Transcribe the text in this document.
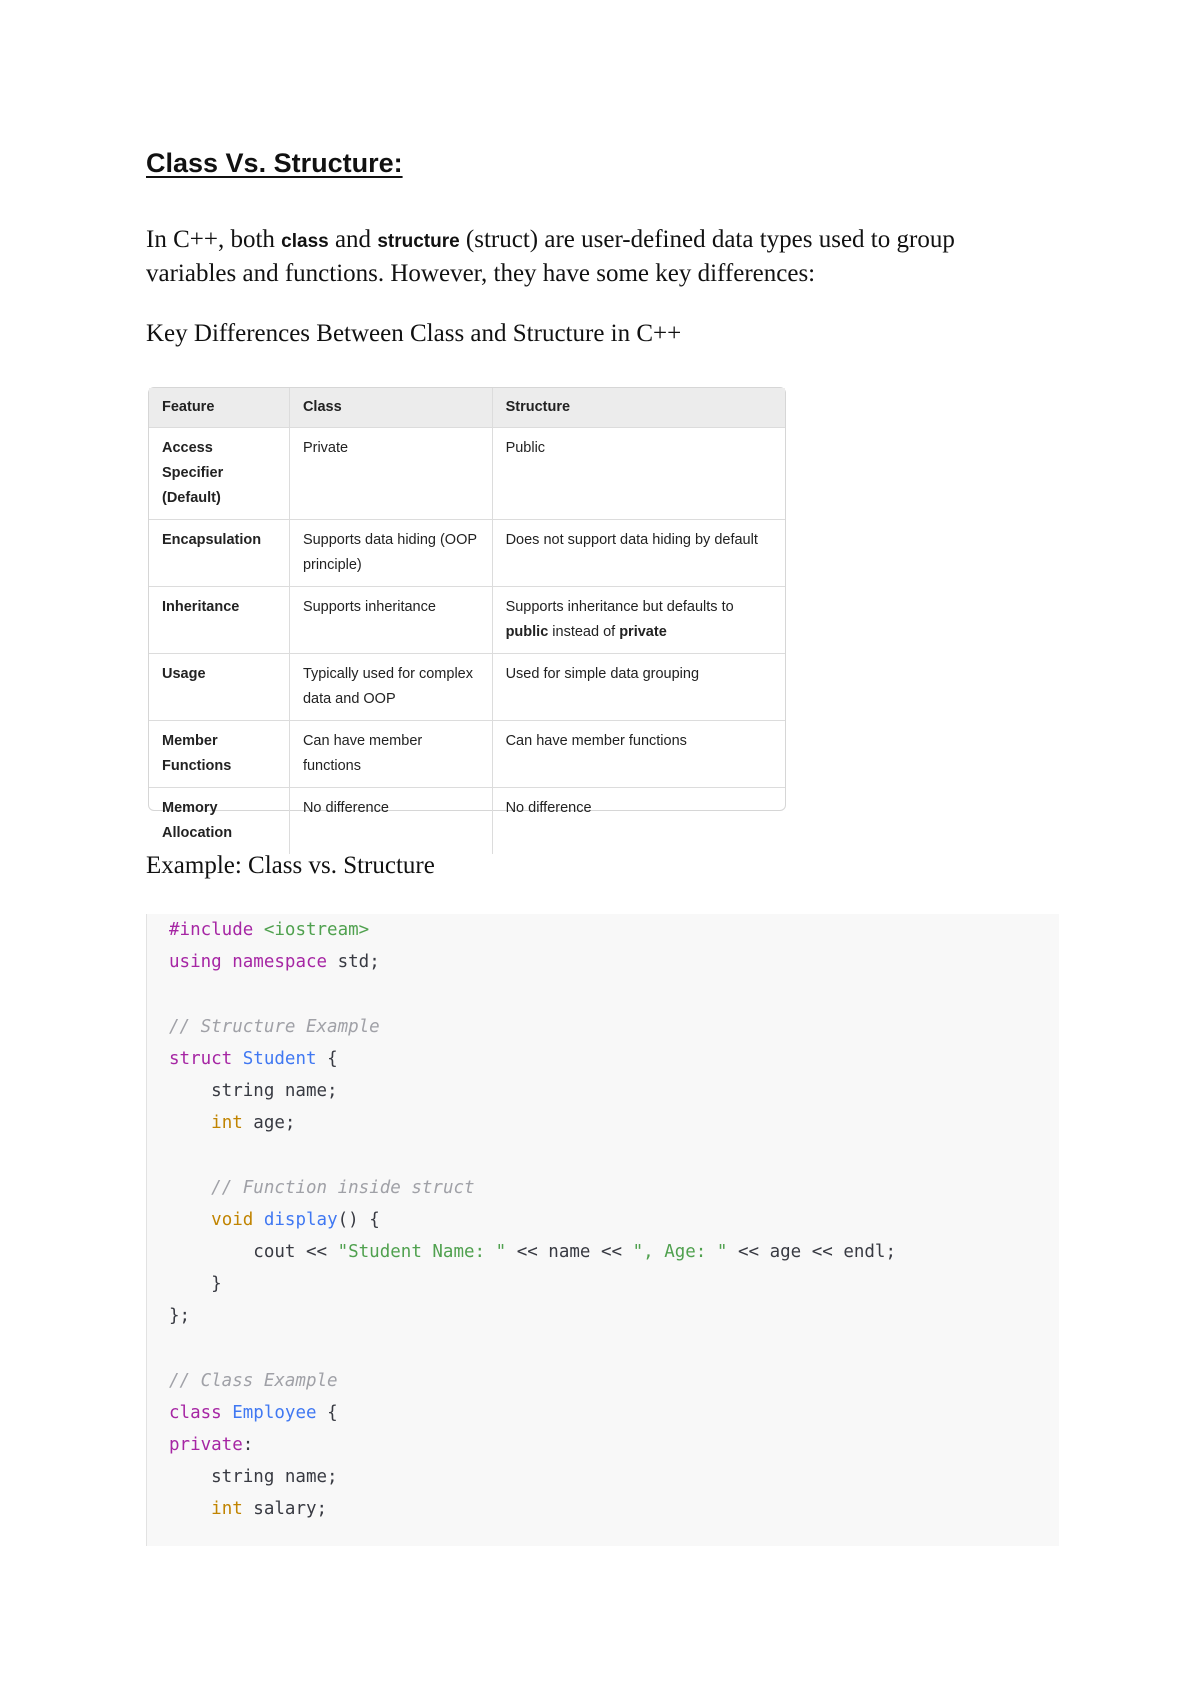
Class Vs. Structure:

In C++, both class and structure (struct) are user-defined data types used to group variables and functions. However, they have some key differences:

Key Differences Between Class and Structure in C++

Feature	Class	Structure
Access Specifier (Default)	Private	Public
Encapsulation	Supports data hiding (OOP principle)	Does not support data hiding by default
Inheritance	Supports inheritance	Supports inheritance but defaults to public instead of private
Usage	Typically used for complex data and OOP	Used for simple data grouping
Member Functions	Can have member functions	Can have member functions
Memory Allocation	No difference	No difference

Example: Class vs. Structure

#include <iostream>
using namespace std;
// Structure Example
struct Student {
string name;
int age;
// Function inside struct
void display() {
cout << "Student Name: " << name << ", Age: " << age << endl;
}
};
// Class Example
class Employee {
private:
string name;
int salary;
